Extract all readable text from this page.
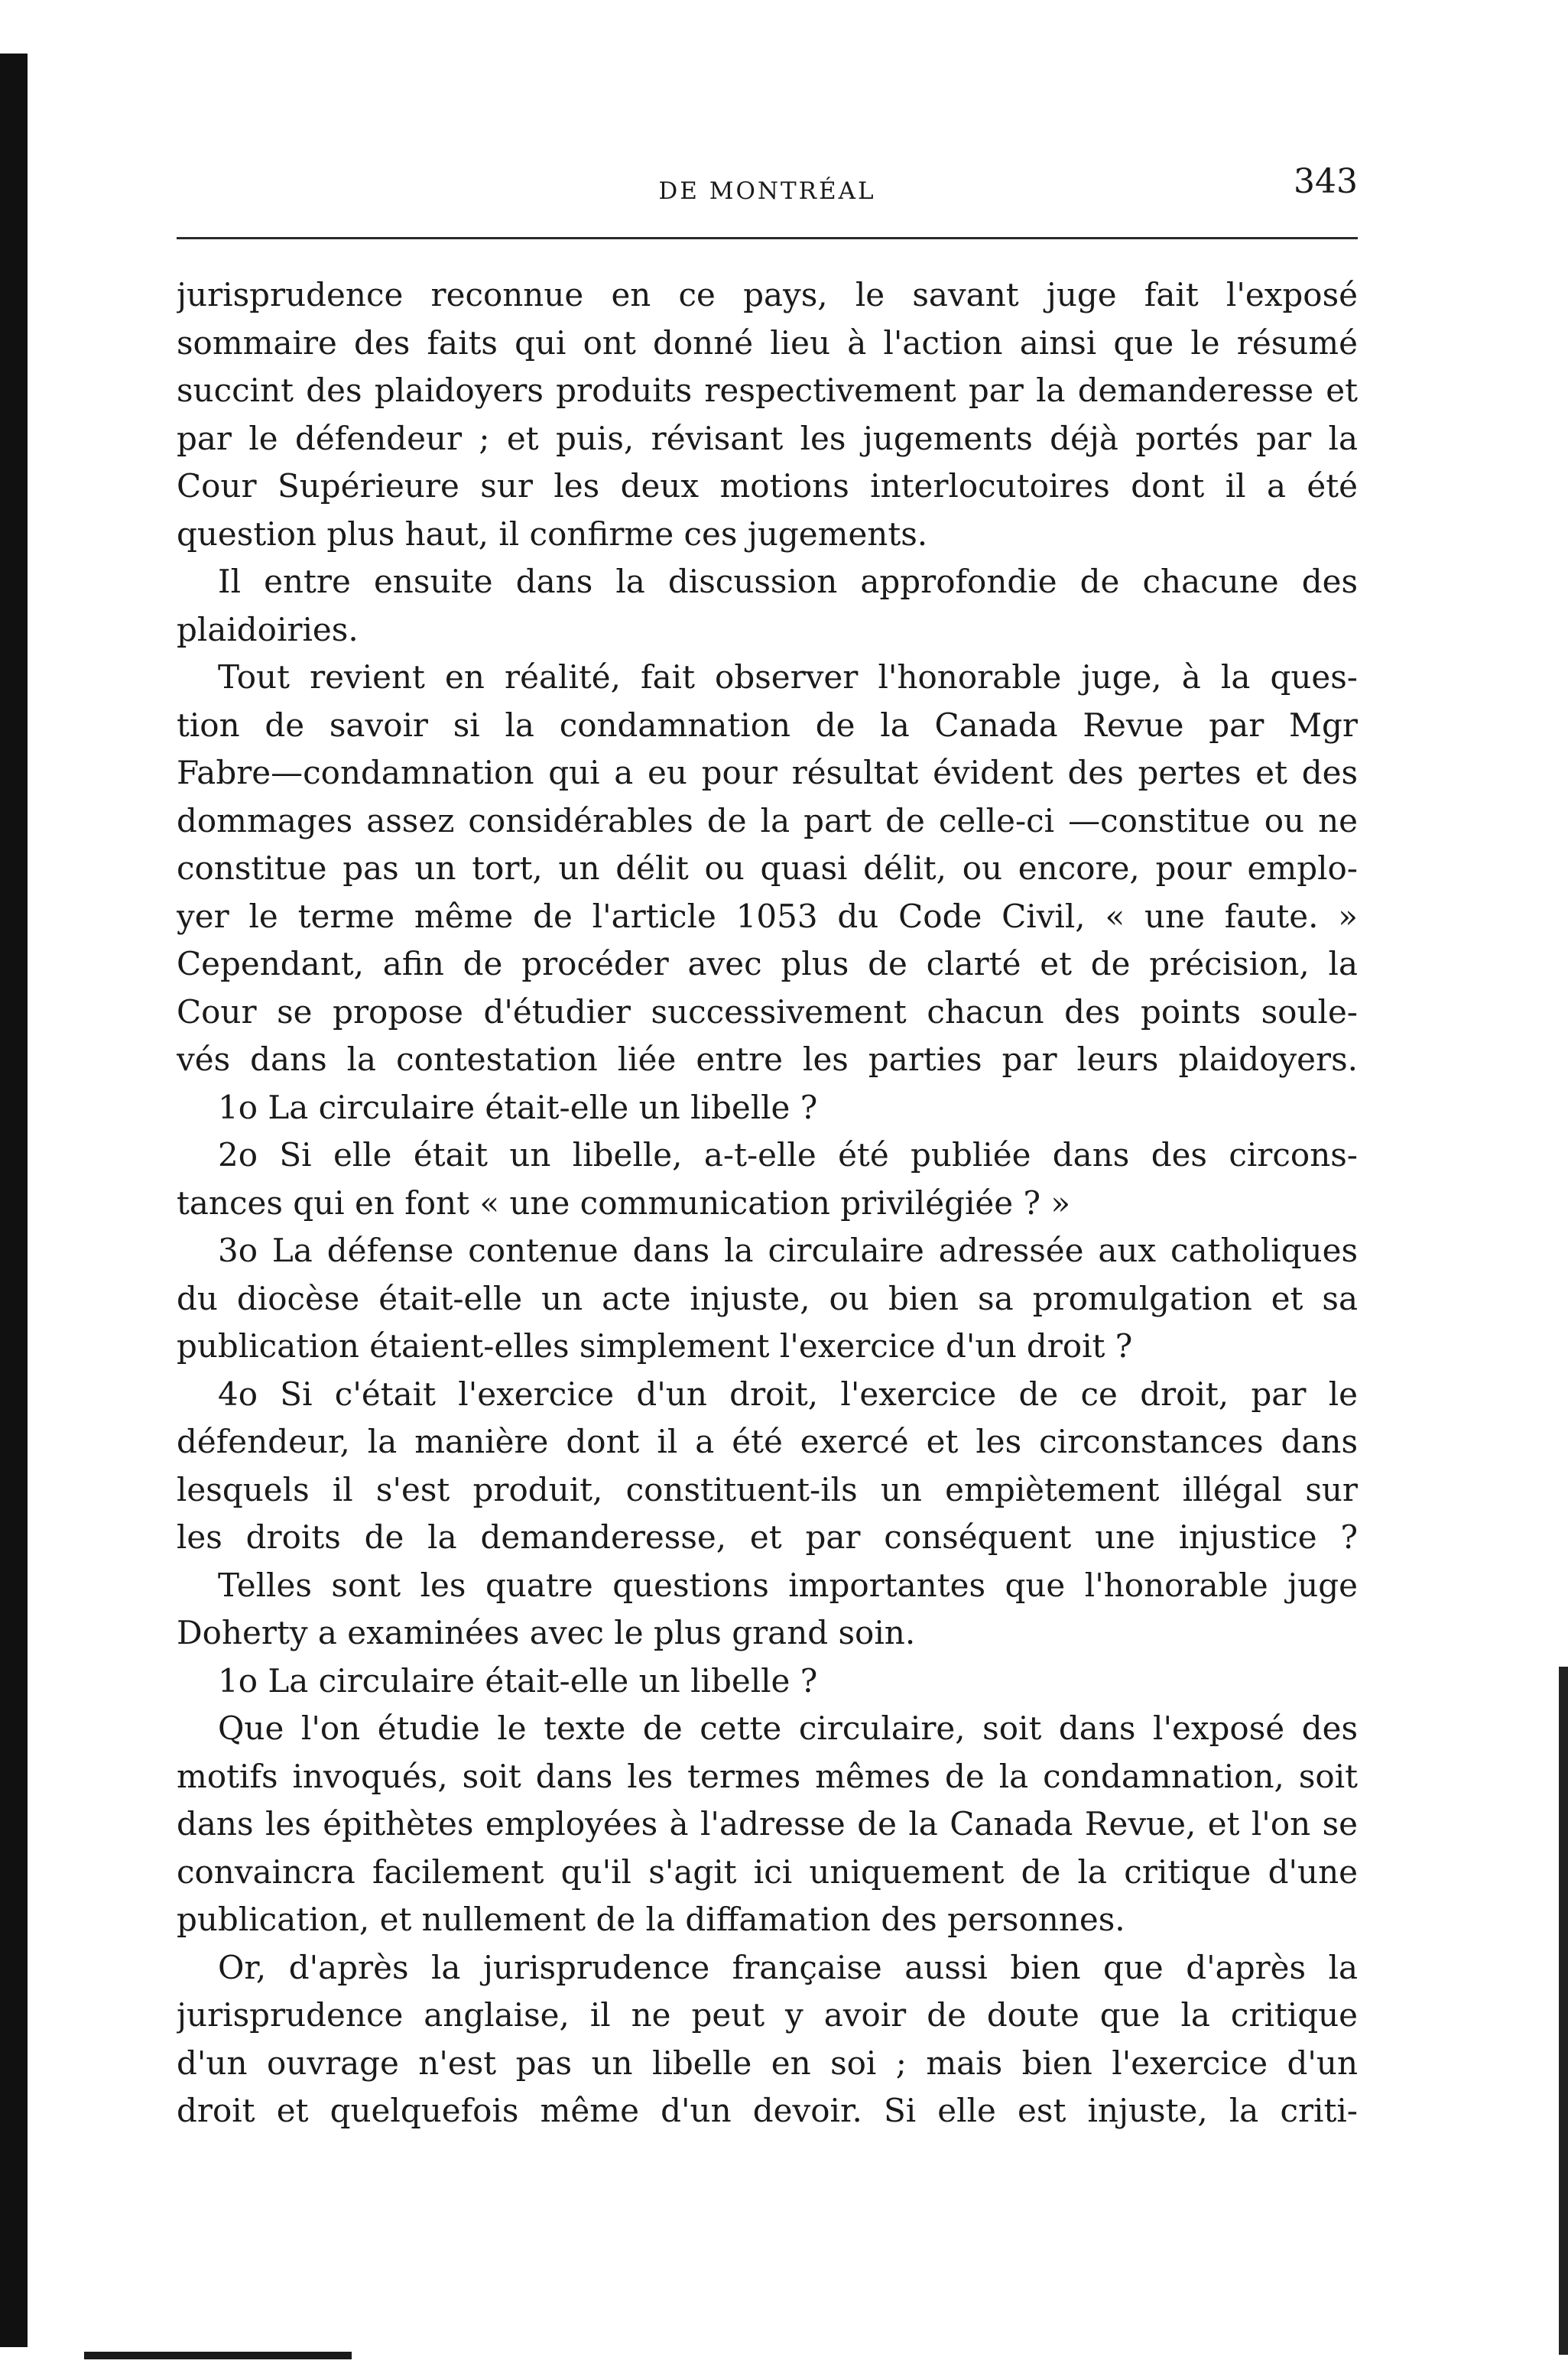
DE MONTRÉAL	343
jurisprudence reconnue en ce pays, le savant juge fait l'exposé
sommaire des faits qui ont donné lieu à l'action ainsi que le résumé
succint des plaidoyers produits respectivement par la demanderesse et
par le défendeur ; et puis, révisant les jugements déjà portés par la
Cour Supérieure sur les deux motions interlocutoires dont il a été
question plus haut, il confirme ces jugements.
Il entre ensuite dans la discussion approfondie de chacune des
plaidoiries.
Tout revient en réalité, fait observer l'honorable juge, à la ques-
tion de savoir si la condamnation de la Canada Revue par Mgr
Fabre—condamnation qui a eu pour résultat évident des pertes et des
dommages assez considérables de la part de celle-ci —constitue ou ne
constitue pas un tort, un délit ou quasi délit, ou encore, pour emplo-
yer le terme même de l'article 1053 du Code Civil, « une faute. »
Cependant, afin de procéder avec plus de clarté et de précision, la
Cour se propose d'étudier successivement chacun des points soule-
vés dans la contestation liée entre les parties par leurs plaidoyers.
1o La circulaire était-elle un libelle ?
2o Si elle était un libelle, a-t-elle été publiée dans des circons-
tances qui en font « une communication privilégiée ? »
3o La défense contenue dans la circulaire adressée aux catholiques
du diocèse était-elle un acte injuste, ou bien sa promulgation et sa
publication étaient-elles simplement l'exercice d'un droit ?
4o Si c'était l'exercice d'un droit, l'exercice de ce droit, par le
défendeur, la manière dont il a été exercé et les circonstances dans
lesquels il s'est produit, constituent-ils un empiètement illégal sur
les droits de la demanderesse, et par conséquent une injustice ?
Telles sont les quatre questions importantes que l'honorable juge
Doherty a examinées avec le plus grand soin.
1o La circulaire était-elle un libelle ?
Que l'on étudie le texte de cette circulaire, soit dans l'exposé des
motifs invoqués, soit dans les termes mêmes de la condamnation, soit
dans les épithètes employées à l'adresse de la Canada Revue, et l'on se
convaincra facilement qu'il s'agit ici uniquement de la critique d'une
publication, et nullement de la diffamation des personnes.
Or, d'après la jurisprudence française aussi bien que d'après la
jurisprudence anglaise, il ne peut y avoir de doute que la critique
d'un ouvrage n'est pas un libelle en soi ; mais bien l'exercice d'un
droit et quelquefois même d'un devoir. Si elle est injuste, la criti-
